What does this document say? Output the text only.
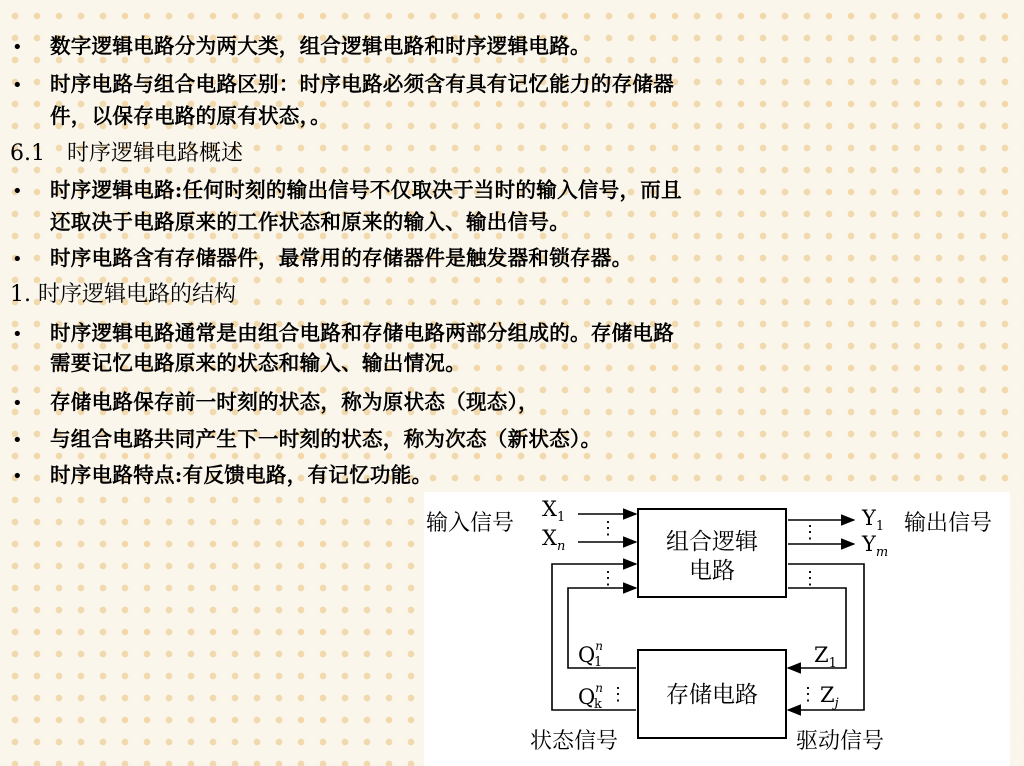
• 数字逻辑电路分为两大类，组合逻辑电路和时序逻辑电路。
• 时序电路与组合电路区别：时序电路必须含有具有记忆能力的存储器
件，以保存电路的原有状态，。
6.1　时序逻辑电路概述
• 时序逻辑电路:任何时刻的输出信号不仅取决于当时的输入信号，而且
还取决于电路原来的工作状态和原来的输入、输出信号。
• 时序电路含有存储器件，最常用的存储器件是触发器和锁存器。
1. 时序逻辑电路的结构
• 时序逻辑电路通常是由组合电路和存储电路两部分组成的。存储电路
需要记忆电路原来的状态和输入、输出情况。
• 存储电路保存前一时刻的状态，称为原状态（现态），
• 与组合电路共同产生下一时刻的状态，称为次态（新状态）。
• 时序电路特点:有反馈电路，有记忆功能。
组合逻辑
电路
存储电路
⋮	⋮
⋮	⋮
$X_1$
$X_n$
$Y_1$
$Y_m$
$Q^n$ 1
$Q^n$ k ⋮
$Z_1$
⋮ $Z_j$
输入信号	输出信号
状态信号	驱动信号
